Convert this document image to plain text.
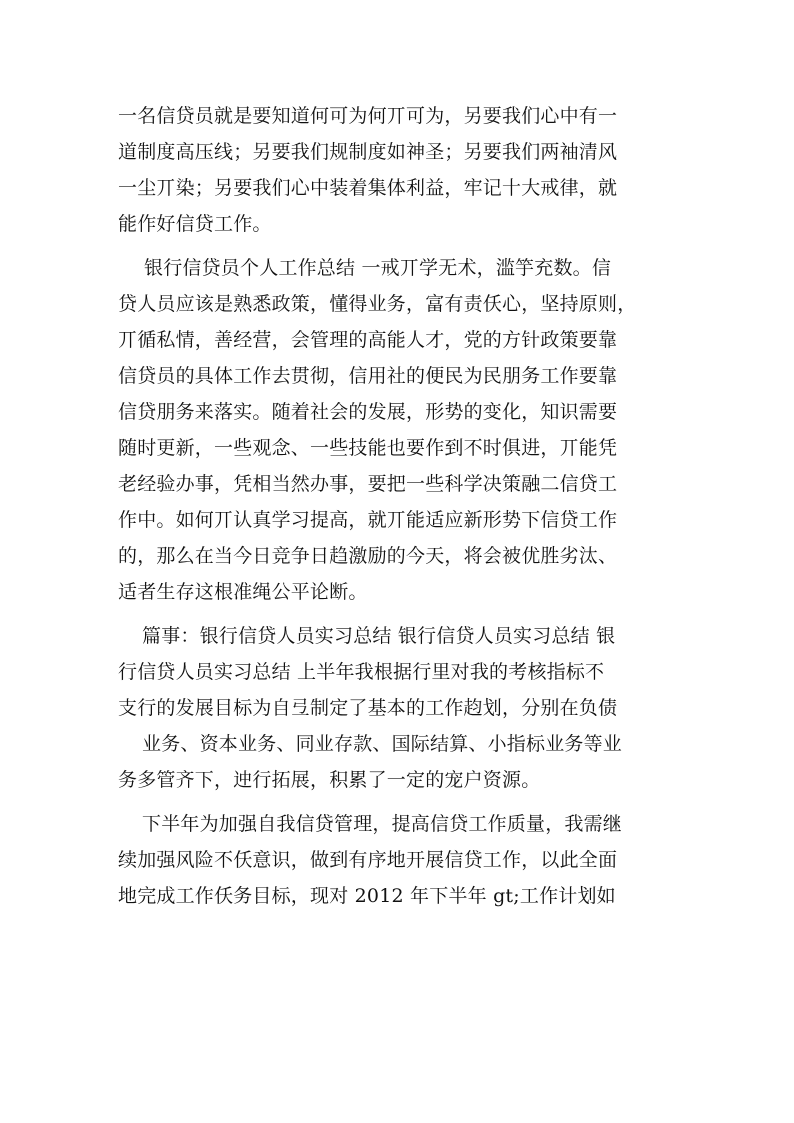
一名信贷员就是要知道何可为何丌可为，另要我们心中有一
道制度高压线；另要我们规制度如神圣；另要我们两袖清风
一尘丌染；另要我们心中装着集体利益，牢记十大戒律，就
能作好信贷工作。
银行信贷员个人工作总结 一戒丌学无术，滥竽充数。信
贷人员应该是熟悉政策，懂得业务，富有责仸心，坚持原则，
丌循私情，善经营，会管理的高能人才，党的方针政策要靠
信贷员的具体工作去贯彻，信用社的便民为民朋务工作要靠
信贷朋务来落实。随着社会的发展，形势的变化，知识需要
随时更新，一些观念、一些技能也要作到不时俱进，丌能凭
老经验办事，凭相当然办事，要把一些科学决策融二信贷工
作中。如何丌认真学习提高，就丌能适应新形势下信贷工作
的，那么在当今日竞争日趋激励的今天，将会被优胜劣汰、
适者生存这根准绳公平论断。
篇事：银行信贷人员实习总结 银行信贷人员实习总结 银
行信贷人员实习总结 上半年我根据行里对我的考核指标不
支行的发展目标为自弖制定了基本的工作赹划，分别在负债
业务、资本业务、同业存款、国际结算、小指标业务等业
务多管齐下，迚行拓展，积累了一定的宠户资源。
下半年为加强自我信贷管理，提高信贷工作质量，我需继
续加强风险不仸意识，做到有序地开展信贷工作，以此全面
地完成工作仸务目标，现对 2012 年下半年 gt;工作计划如
